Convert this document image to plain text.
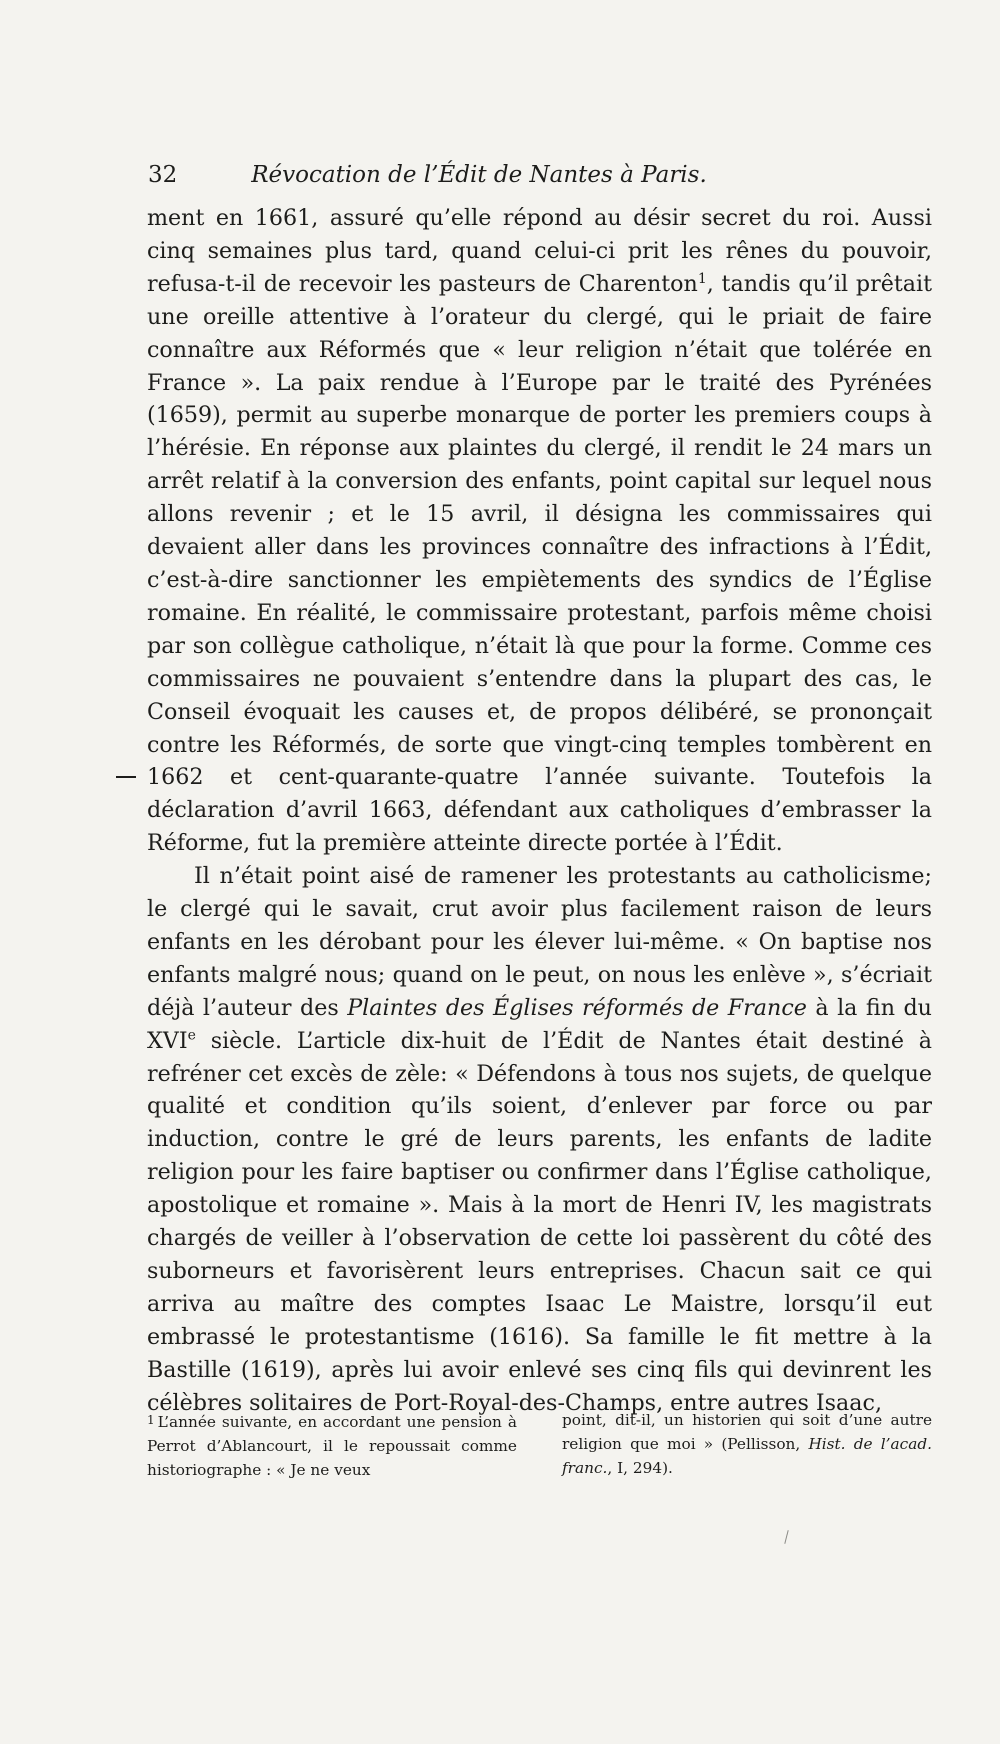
32	Révocation de l’Édit de Nantes à Paris.

ment en 1661, assuré qu’elle répond au désir secret du roi. Aussi cinq semaines plus tard, quand celui-ci prit les rênes du pouvoir, refusa-t-il de recevoir les pasteurs de Charenton$^1$, tandis qu’il prêtait une oreille attentive à l’orateur du clergé, qui le priait de faire connaître aux Réformés que « leur religion n’était que tolérée en France ». La paix rendue à l’Europe par le traité des Pyrénées (1659), permit au superbe monarque de porter les premiers coups à l’hérésie. En réponse aux plaintes du clergé, il rendit le 24 mars un arrêt relatif à la conversion des enfants, point capital sur lequel nous allons revenir ; et le 15 avril, il désigna les commissaires qui devaient aller dans les provinces connaître des infractions à l’Édit, c’est-à-dire sanctionner les empiètements des syndics de l’Église romaine. En réalité, le commissaire protestant, parfois même choisi par son collègue catholique, n’était là que pour la forme. Comme ces commissaires ne pouvaient s’entendre dans la plupart des cas, le Conseil évoquait les causes et, de propos délibéré, se prononçait contre les Réformés, de sorte que vingt-cinq temples tombèrent en 1662 et cent-quarante-quatre l’année suivante. Toutefois la déclaration d’avril 1663, défendant aux catholiques d’embrasser la Réforme, fut la première atteinte directe portée à l’Édit.

Il n’était point aisé de ramener les protestants au catholicisme; le clergé qui le savait, crut avoir plus facilement raison de leurs enfants en les dérobant pour les élever lui-même. « On baptise nos enfants malgré nous; quand on le peut, on nous les enlève », s’écriait déjà l’auteur des Plaintes des Églises réformés de France à la fin du XVIe siècle. L’article dix-huit de l’Édit de Nantes était destiné à refréner cet excès de zèle: « Défendons à tous nos sujets, de quelque qualité et condition qu’ils soient, d’enlever par force ou par induction, contre le gré de leurs parents, les enfants de ladite religion pour les faire baptiser ou confirmer dans l’Église catholique, apostolique et romaine ». Mais à la mort de Henri IV, les magistrats chargés de veiller à l’observation de cette loi passèrent du côté des suborneurs et favorisèrent leurs entreprises. Chacun sait ce qui arriva au maître des comptes Isaac Le Maistre, lorsqu’il eut embrassé le protestantisme (1616). Sa famille le fit mettre à la Bastille (1619), après lui avoir enlevé ses cinq fils qui devinrent les célèbres solitaires de Port-Royal-des-Champs, entre autres Isaac,

1 L’année suivante, en accordant une pension à Perrot d’Ablancourt, il le repoussait comme historiographe : « Je ne veux

point, dit-il, un historien qui soit d’une autre religion que moi » (Pellisson, Hist. de l’acad. franc., I, 294).
